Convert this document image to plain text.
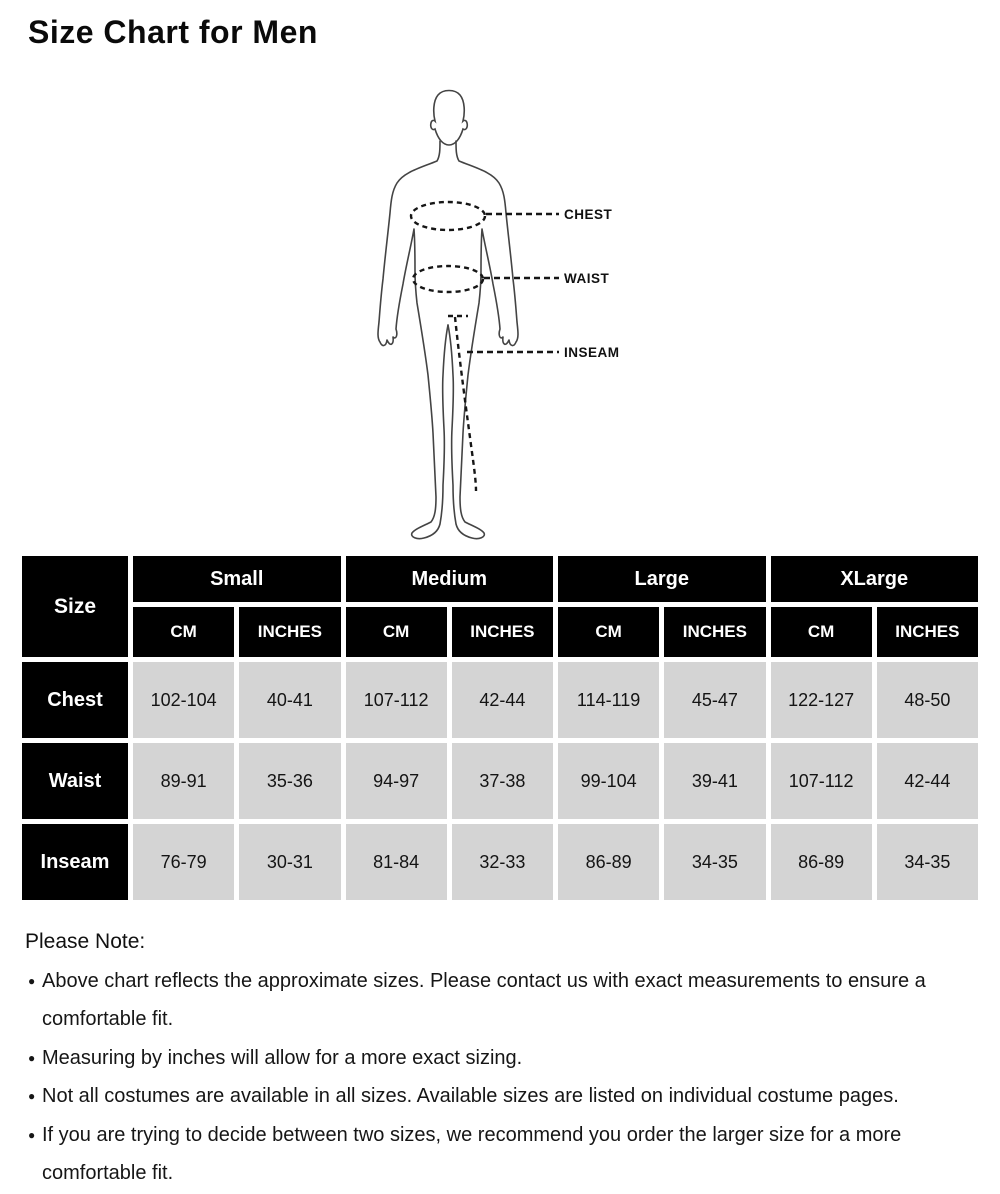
Size Chart for Men
CHEST
WAIST
INSEAM
Size	Small		Medium		Large		XLarge	
	CM	INCHES	CM	INCHES	CM	INCHES	CM	INCHES
Chest	102-104	40-41	107-112	42-44	114-119	45-47	122-127	48-50
Waist	89-91	35-36	94-97	37-38	99-104	39-41	107-112	42-44
Inseam	76-79	30-31	81-84	32-33	86-89	34-35	86-89	34-35
Please Note:
● Above chart reflects the approximate sizes. Please contact us with exact measurements to ensure a comfortable fit.
● Measuring by inches will allow for a more exact sizing.
● Not all costumes are available in all sizes. Available sizes are listed on individual costume pages.
● If you are trying to decide between two sizes, we recommend you order the larger size for a more comfortable fit.
